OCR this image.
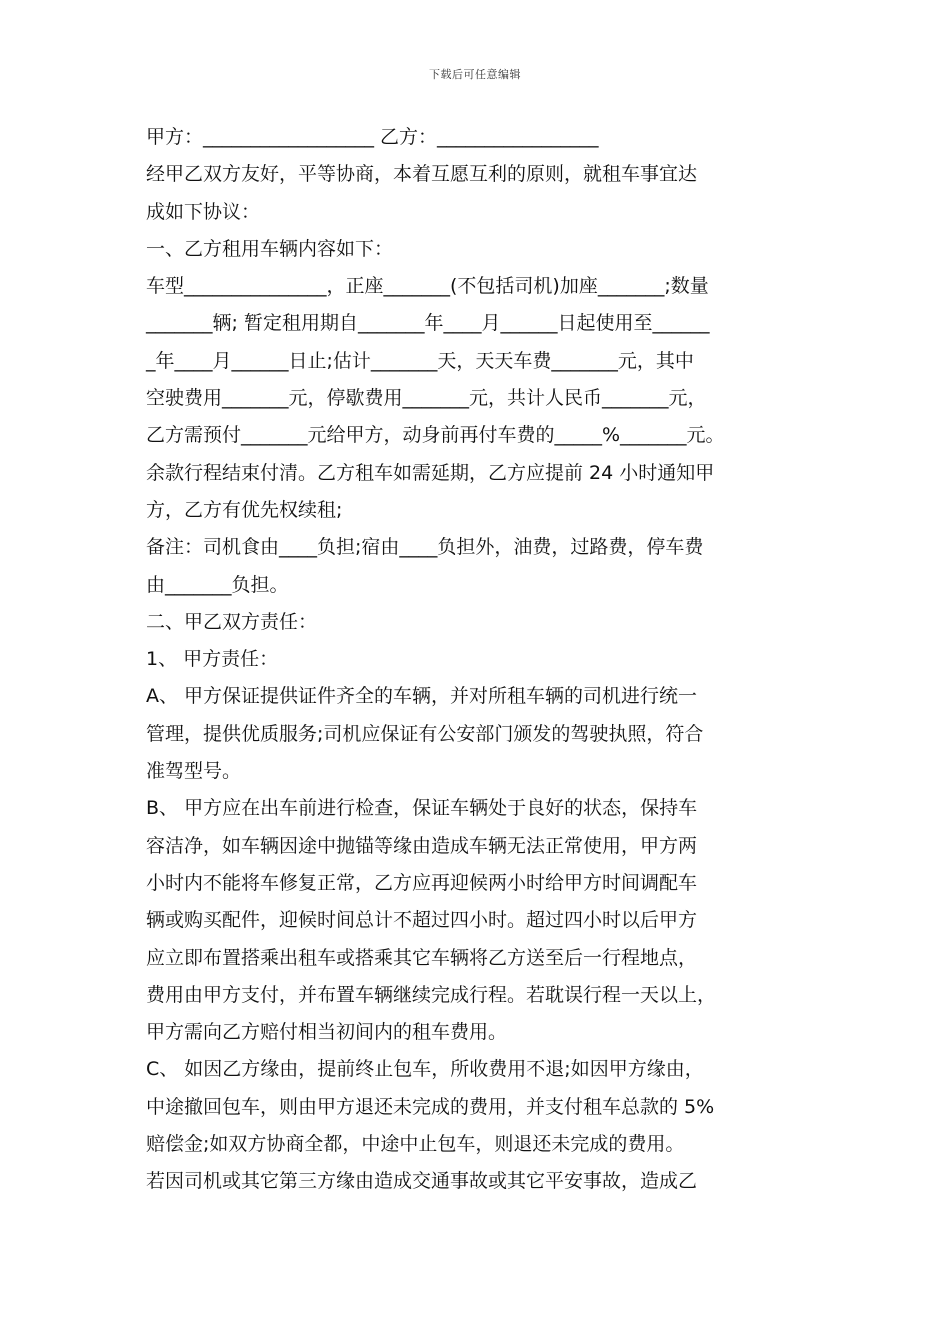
下载后可任意编辑
甲方：__________________ 乙方：_________________
经甲乙双方友好，平等协商，本着互愿互利的原则，就租车事宜达
成如下协议：
一、乙方租用车辆内容如下：
车型_______________，正座_______(不包括司机)加座_______;数量
_______辆; 暂定租用期自_______年____月______日起使用至______
_年____月______日止;估计_______天，天天车费_______元，其中
空驶费用_______元，停歇费用_______元，共计人民币_______元，
乙方需预付_______元给甲方，动身前再付车费的_____%_______元。
余款行程结束付清。乙方租车如需延期，乙方应提前 24 小时通知甲
方，乙方有优先权续租;
备注：司机食由____负担;宿由____负担外，油费，过路费，停车费
由_______负担。
二、甲乙双方责任：
1、 甲方责任：
A、 甲方保证提供证件齐全的车辆，并对所租车辆的司机进行统一
管理，提供优质服务;司机应保证有公安部门颁发的驾驶执照，符合
准驾型号。
B、 甲方应在出车前进行检查，保证车辆处于良好的状态，保持车
容洁净，如车辆因途中抛锚等缘由造成车辆无法正常使用，甲方两
小时内不能将车修复正常，乙方应再迎候两小时给甲方时间调配车
辆或购买配件，迎候时间总计不超过四小时。超过四小时以后甲方
应立即布置搭乘出租车或搭乘其它车辆将乙方送至后一行程地点，
费用由甲方支付，并布置车辆继续完成行程。若耽误行程一天以上，
甲方需向乙方赔付相当初间内的租车费用。
C、 如因乙方缘由，提前终止包车，所收费用不退;如因甲方缘由，
中途撤回包车，则由甲方退还未完成的费用，并支付租车总款的 5%
赔偿金;如双方协商全都，中途中止包车，则退还未完成的费用。
若因司机或其它第三方缘由造成交通事故或其它平安事故，造成乙
